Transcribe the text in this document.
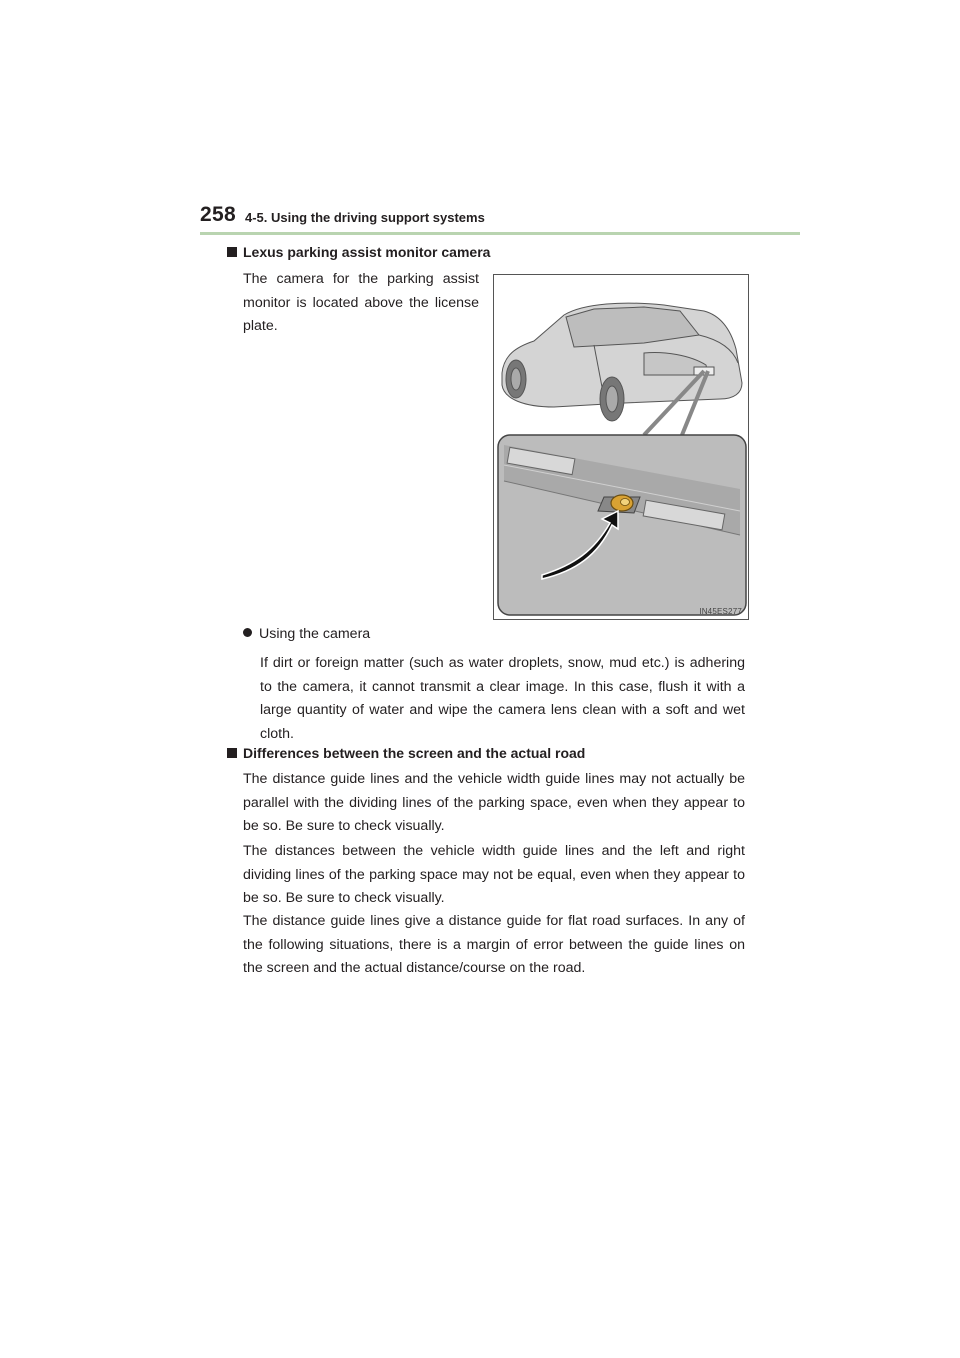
258 4-5. Using the driving support systems
Lexus parking assist monitor camera

The camera for the parking assist monitor is located above the license plate.

IN45ES277
Using the camera

If dirt or foreign matter (such as water droplets, snow, mud etc.) is adhering to the camera, it cannot transmit a clear image. In this case, flush it with a large quantity of water and wipe the camera lens clean with a soft and wet cloth.

Differences between the screen and the actual road

The distance guide lines and the vehicle width guide lines may not actually be parallel with the dividing lines of the parking space, even when they appear to be so. Be sure to check visually.

The distances between the vehicle width guide lines and the left and right dividing lines of the parking space may not be equal, even when they appear to be so. Be sure to check visually.

The distance guide lines give a distance guide for flat road surfaces. In any of the following situations, there is a margin of error between the guide lines on the screen and the actual distance/course on the road.
